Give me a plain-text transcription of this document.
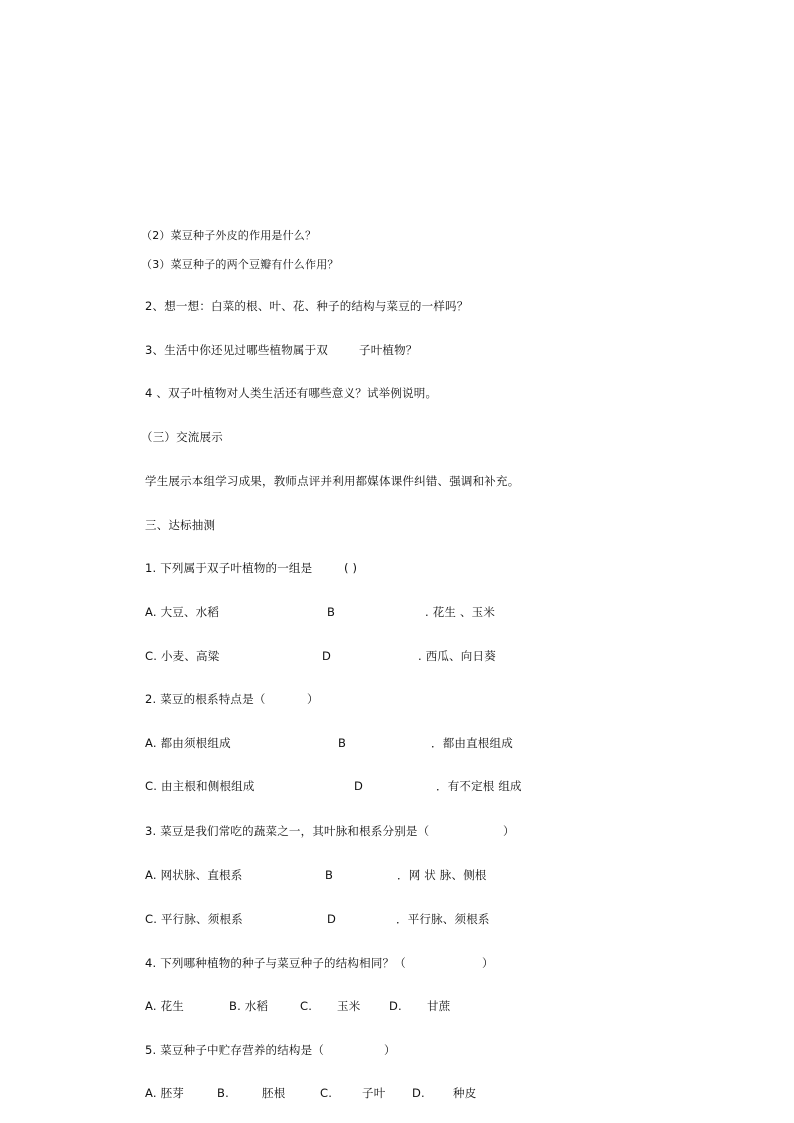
（2）菜豆种子外皮的作用是什么？
（3）菜豆种子的两个豆瓣有什么作用？
2、想一想：白菜的根、叶、花、种子的结构与菜豆的一样吗？
3、生活中你还见过哪些植物属于双	子叶植物？
4 、双子叶植物对人类生活还有哪些意义？试举例说明。
（三）交流展示
学生展示本组学习成果，教师点评并利用都媒体课件纠错、强调和补充。
三、达标抽测
1. 下列属于双子叶植物的一组是	( )
A. 大豆、水稻	B	. 花生 、玉米
C. 小麦、高粱	D	. 西瓜、向日葵
2. 菜豆的根系特点是（	）
A. 都由须根组成	B	．都由直根组成
C. 由主根和侧根组成	D	．有不定根 组成
3. 菜豆是我们常吃的蔬菜之一，其叶脉和根系分别是（	）
A. 网状脉、直根系	B	．网 状 脉、侧根
C. 平行脉、须根系	D	．平行脉、须根系
4. 下列哪种植物的种子与菜豆种子的结构相同？（	）
A. 花生	B. 水稻	C. 玉米 D. 甘蔗
5. 菜豆种子中贮存营养的结构是（	）
A. 胚芽	B.	胚根	C.	子叶 D. 种皮
